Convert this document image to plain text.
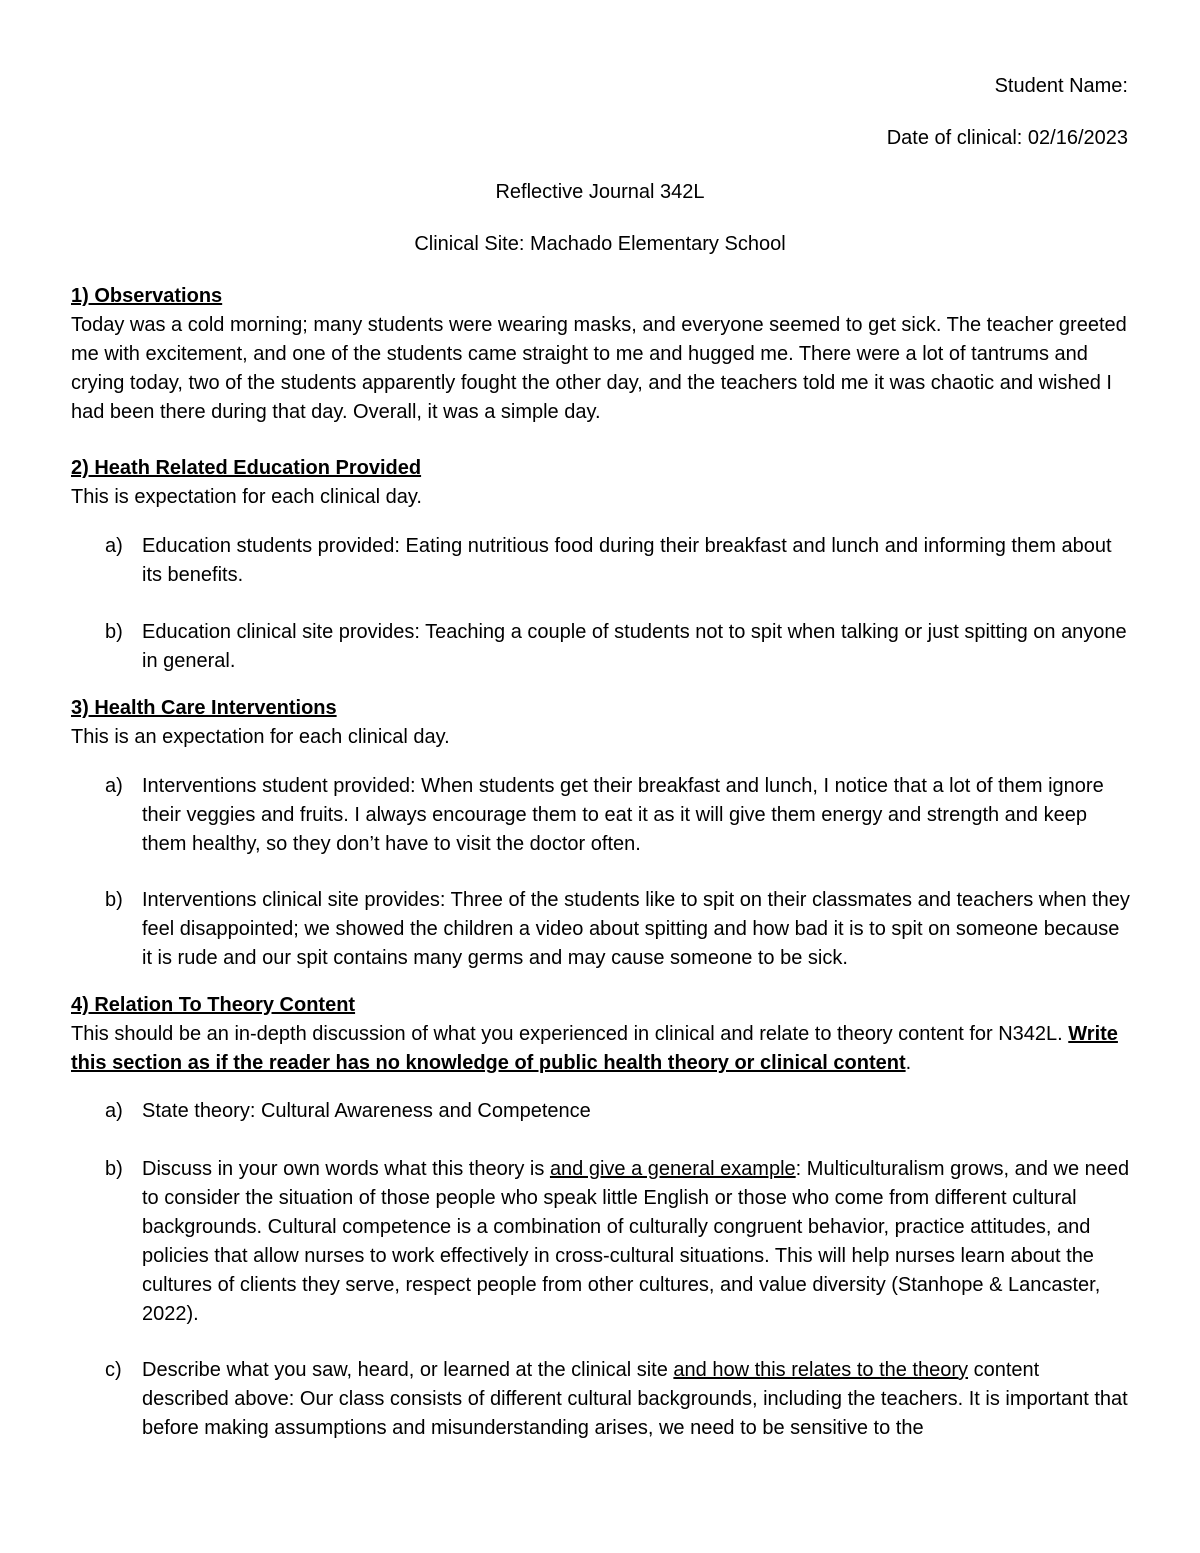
Student Name:
Date of clinical: 02/16/2023
Reflective Journal 342L
Clinical Site: Machado Elementary School
1) Observations

Today was a cold morning; many students were wearing masks, and everyone seemed to get sick. The teacher greeted me with excitement, and one of the students came straight to me and hugged me. There were a lot of tantrums and crying today, two of the students apparently fought the other day, and the teachers told me it was chaotic and wished I had been there during that day. Overall, it was a simple day.

2) Heath Related Education Provided

This is expectation for each clinical day.

a) Education students provided: Eating nutritious food during their breakfast and lunch and informing them about its benefits.

b) Education clinical site provides: Teaching a couple of students not to spit when talking or just spitting on anyone in general.

3) Health Care Interventions

This is an expectation for each clinical day.

a) Interventions student provided: When students get their breakfast and lunch, I notice that a lot of them ignore their veggies and fruits. I always encourage them to eat it as it will give them energy and strength and keep them healthy, so they don’t have to visit the doctor often.

b) Interventions clinical site provides: Three of the students like to spit on their classmates and teachers when they feel disappointed; we showed the children a video about spitting and how bad it is to spit on someone because it is rude and our spit contains many germs and may cause someone to be sick.

4) Relation To Theory Content

This should be an in-depth discussion of what you experienced in clinical and relate to theory content for N342L. Write this section as if the reader has no knowledge of public health theory or clinical content.

a) State theory: Cultural Awareness and Competence

b) Discuss in your own words what this theory is and give a general example: Multiculturalism grows, and we need to consider the situation of those people who speak little English or those who come from different cultural backgrounds. Cultural competence is a combination of culturally congruent behavior, practice attitudes, and policies that allow nurses to work effectively in cross-cultural situations. This will help nurses learn about the cultures of clients they serve, respect people from other cultures, and value diversity (Stanhope & Lancaster, 2022).

c) Describe what you saw, heard, or learned at the clinical site and how this relates to the theory content described above: Our class consists of different cultural backgrounds, including the teachers. It is important that before making assumptions and misunderstanding arises, we need to be sensitive to the
